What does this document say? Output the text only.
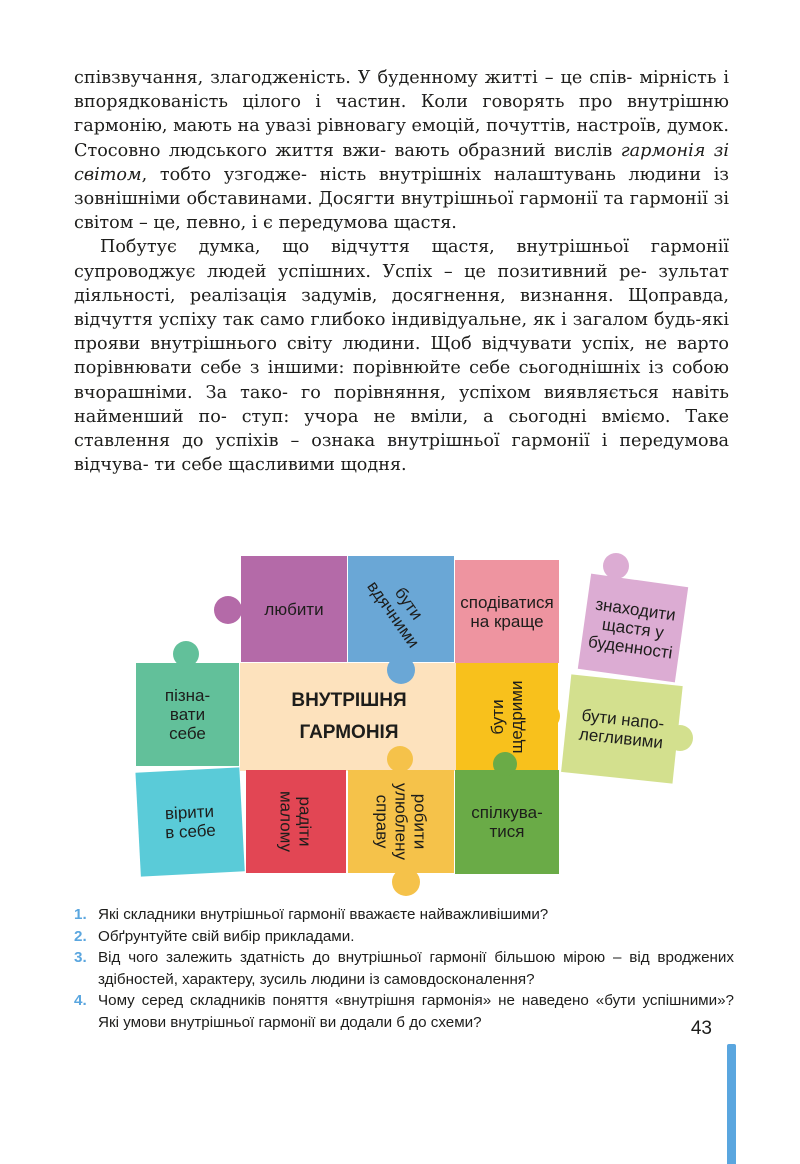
співзвучання, злагодженість. У буденному житті – це спів- мірність і впорядкованість цілого і частин. Коли говорять про внутрішню гармонію, мають на увазі рівновагу емоцій, почуттів, настроїв, думок. Стосовно людського життя вжи- вають образний вислів гармонія зі світом, тобто узгодже- ність внутрішніх налаштувань людини із зовнішніми обставинами. Досягти внутрішньої гармонії та гармонії зі світом – це, певно, і є передумова щастя.

Побутує думка, що відчуття щастя, внутрішньої гармонії супроводжує людей успішних. Успіх – це позитивний ре- зультат діяльності, реалізація задумів, досягнення, визнання. Щоправда, відчуття успіху так само глибоко індивідуальне, як і загалом будь-які прояви внутрішнього світу людини. Щоб відчувати успіх, не варто порівнювати себе з іншими: порівнюйте себе сьогоднішніх із собою вчорашніми. За тако- го порівняння, успіхом виявляється навіть найменший по- ступ: учора не вміли, а сьогодні вміємо. Таке ставлення до успіхів – ознака внутрішньої гармонії і передумова відчува- ти себе щасливими щодня.

ВНУТРІШНЯ
ГАРМОНІЯ
любити	бути
вдячними	сподіватися
на краще	знаходити
щастя у
буденності
пізна-
вати
себе	бути
щедрими	бути напо-
легливими
вірити
в себе	радіти
малому	робити
улюблену
справу	спілкува-
тися
1. Які складники внутрішньої гармонії вважаєте найважливішими?
2. Обґрунтуйте свій вибір прикладами.
3. Від чого залежить здатність до внутрішньої гармонії більшою мірою – від вроджених здібностей, характеру, зусиль людини із самовдосконалення?
4. Чому серед складників поняття «внутрішня гармонія» не наведено «бути успішними»? Які умови внутрішньої гармонії ви додали б до схеми?	43
